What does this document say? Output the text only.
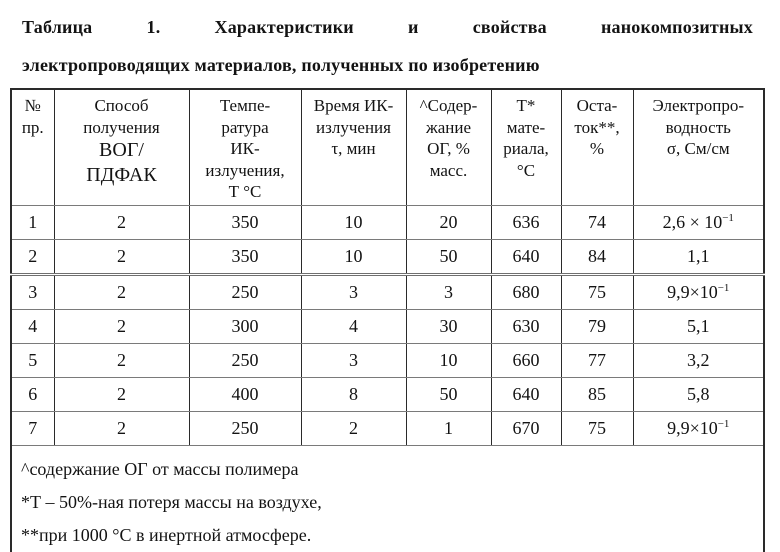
Таблица 1. Характеристики и свойства нанокомпозитных
электропроводящих материалов, полученных по изобретению
№
пр.

Способ
получения
ВОГ/
ПДФАК

Темпе-
ратура
ИК-
излучения,
Т °С

Время ИК-
излучения
τ, мин

^Содер-
жание
ОГ, %
масс.

Т*
мате-
риала,
°С

Оста-
ток**,
%

Электропро-
водность
σ, См/см

1	2	350	10	20	636	74	$2,6 \times 10^{-1}$
2	2	350	10	50	640	84	1,1
3	2	250	3	3	680	75	$9,9\times 10^{-1}$
4	2	300	4	30	630	79	5,1
5	2	250	3	10	660	77	3,2
6	2	400	8	50	640	85	5,8
7	2	250	2	1	670	75	$9,9\times 10^{-1}$

^содержание ОГ от массы полимера
*Т – 50%-ная потеря массы на воздухе,
**при 1000 °С в инертной атмосфере.							
